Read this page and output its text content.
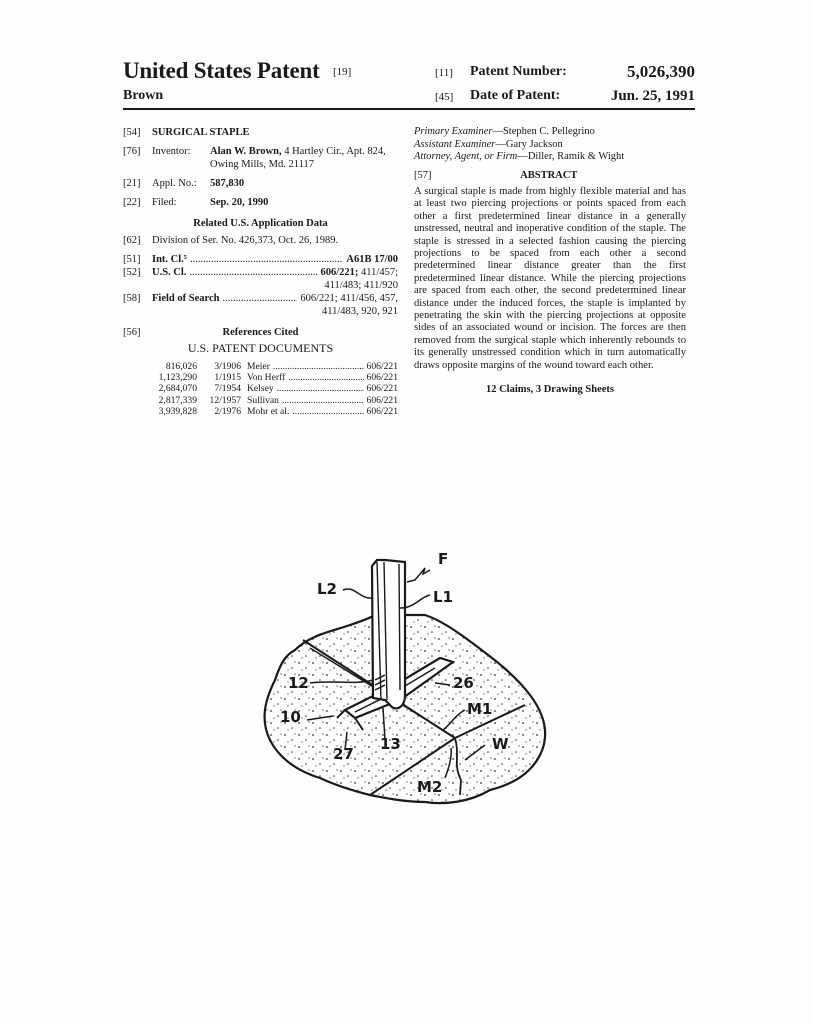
United States Patent [19]
Brown
[11] Patent Number:	5,026,390
[45] Date of Patent:	Jun. 25, 1991
[54]	SURGICAL STAPLE
[76]	Inventor:	Alan W. Brown, 4 Hartley Cir., Apt. 824, Owing Mills, Md. 21117
[21]	Appl. No.:	587,830
[22]	Filed:	Sep. 20, 1990
Related U.S. Application Data
[62]	Division of Ser. No. 426,373, Oct. 26, 1989.
[51]	Int. Cl.⁵ .....	A61B 17/00
[52]	U.S. Cl. .....	606/221; 411/457;
411/483; 411/920
[58]	Field of Search .....	606/221; 411/456, 457,
411/483, 920, 921
[56]	References Cited
U.S. PATENT DOCUMENTS
816,026	3/1906 Meier .....	606/221
1,123,290	1/1915 Von Herff .....	606/221
2,684,070	7/1954 Kelsey .....	606/221
2,817,339	12/1957 Sullivan .....	606/221
3,939,828	2/1976 Mohr et al. .....	606/221
Primary Examiner—Stephen C. Pellegrino
Assistant Examiner—Gary Jackson
Attorney, Agent, or Firm—Diller, Ramik & Wight
[57]	ABSTRACT
A surgical staple is made from highly flexible material and has at least two piercing projections or points spaced from each other a first predetermined linear distance in a generally unstressed, neutral and inoperative condition of the staple. The staple is stressed in a selected fashion causing the piercing projections to be spaced from each other a second predetermined linear distance greater than the first predetermined linear distance. While the piercing projections are spaced from each other, the second predetermined linear distance under the induced forces, the staple is implanted by penetrating the skin with the piercing projections at opposite sides of an associated wound or incision. The forces are then removed from the surgical staple which inherently rebounds to its generally unstressed condition which in turn automatically draws opposite margins of the wound toward each other.
12 Claims, 3 Drawing Sheets
F
L2	L1
12	26
10	M1
27
13	W
M2
